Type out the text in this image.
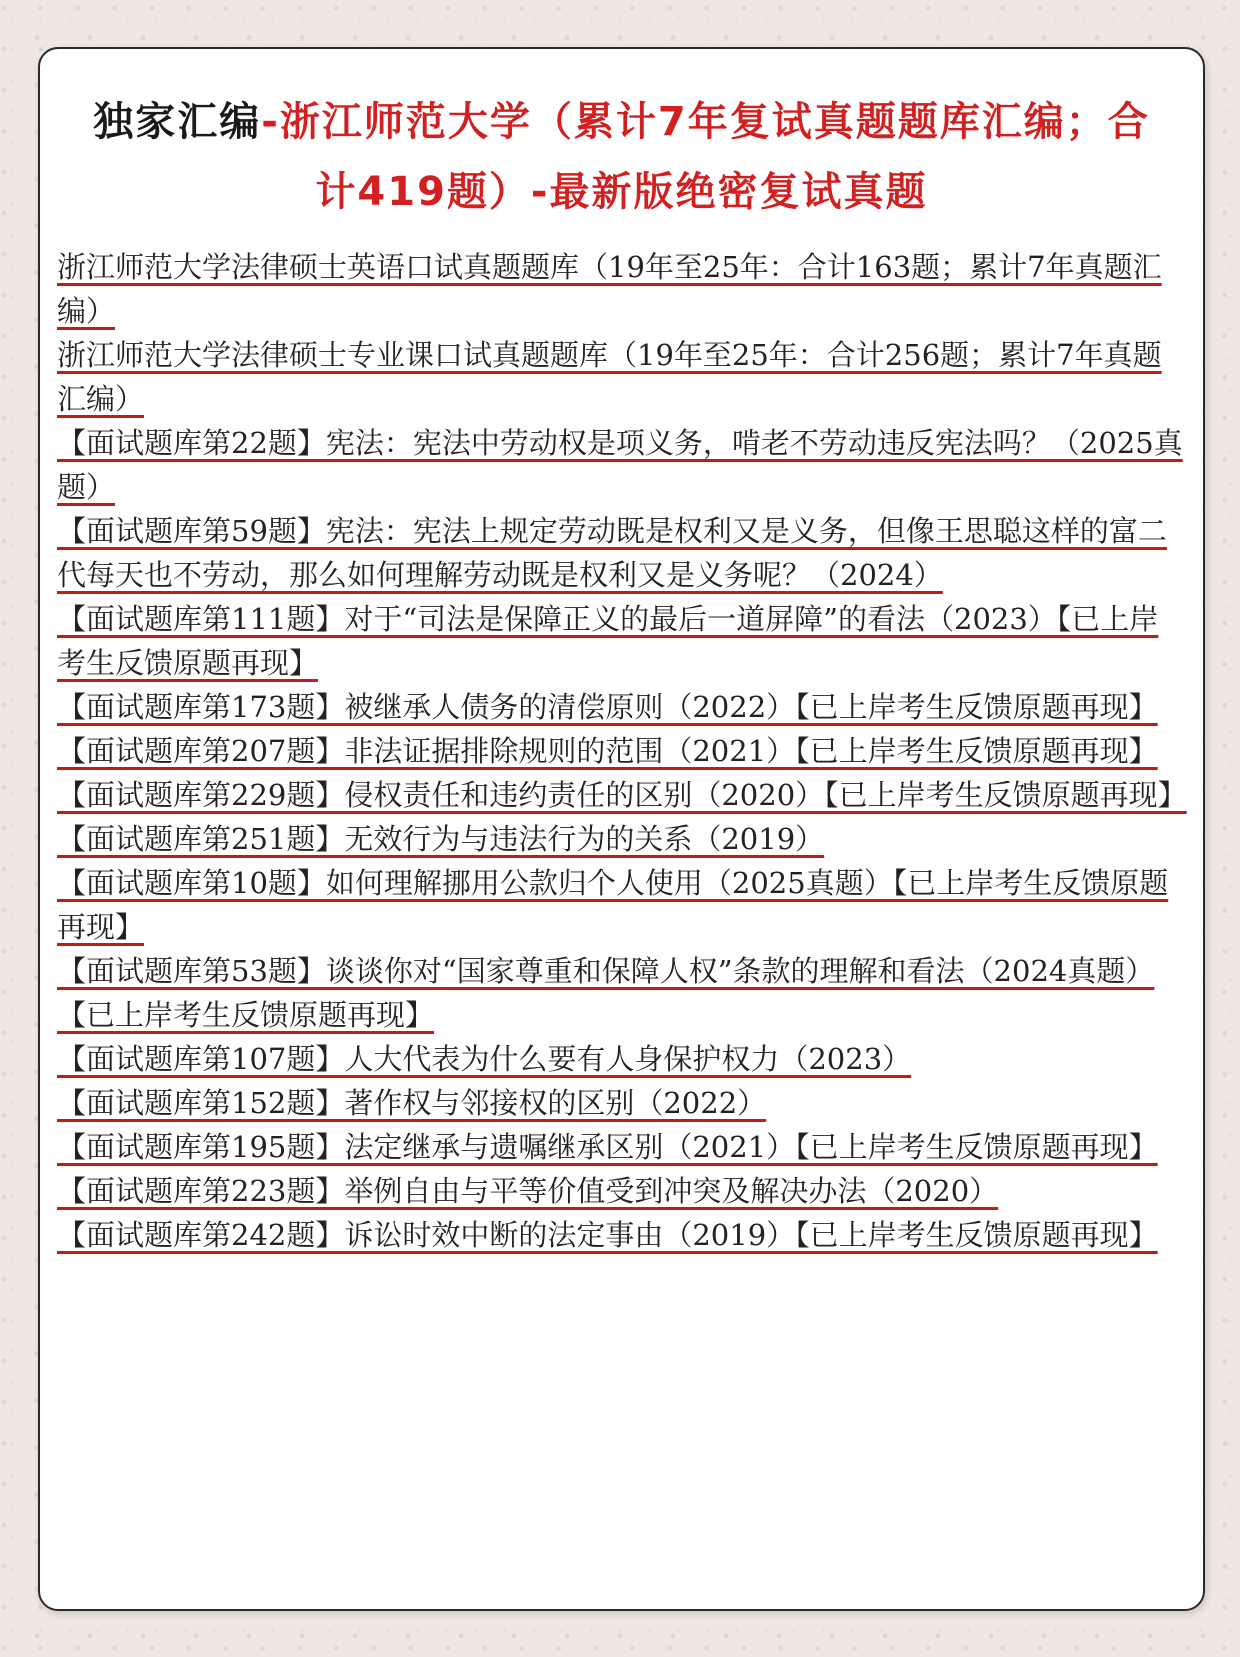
独家汇编-浙江师范大学（累计7年复试真题题库汇编；合计419题）-最新版绝密复试真题
浙江师范大学法律硕士英语口试真题题库（19年至25年：合计163题；累计7年真题汇编）
浙江师范大学法律硕士专业课口试真题题库（19年至25年：合计256题；累计7年真题汇编）
【面试题库第22题】宪法：宪法中劳动权是项义务，啃老不劳动违反宪法吗？（2025真题）
【面试题库第59题】宪法：宪法上规定劳动既是权利又是义务，但像王思聪这样的富二代每天也不劳动，那么如何理解劳动既是权利又是义务呢？（2024）
【面试题库第111题】对于“司法是保障正义的最后一道屏障”的看法（2023）【已上岸考生反馈原题再现】
【面试题库第173题】被继承人债务的清偿原则（2022）【已上岸考生反馈原题再现】
【面试题库第207题】非法证据排除规则的范围（2021）【已上岸考生反馈原题再现】
【面试题库第229题】侵权责任和违约责任的区别（2020）【已上岸考生反馈原题再现】
【面试题库第251题】无效行为与违法行为的关系（2019）
【面试题库第10题】如何理解挪用公款归个人使用（2025真题）【已上岸考生反馈原题再现】
【面试题库第53题】谈谈你对“国家尊重和保障人权”条款的理解和看法（2024真题）【已上岸考生反馈原题再现】
【面试题库第107题】人大代表为什么要有人身保护权力（2023）
【面试题库第152题】著作权与邻接权的区别（2022）
【面试题库第195题】法定继承与遗嘱继承区别（2021）【已上岸考生反馈原题再现】
【面试题库第223题】举例自由与平等价值受到冲突及解决办法（2020）
【面试题库第242题】诉讼时效中断的法定事由（2019）【已上岸考生反馈原题再现】
